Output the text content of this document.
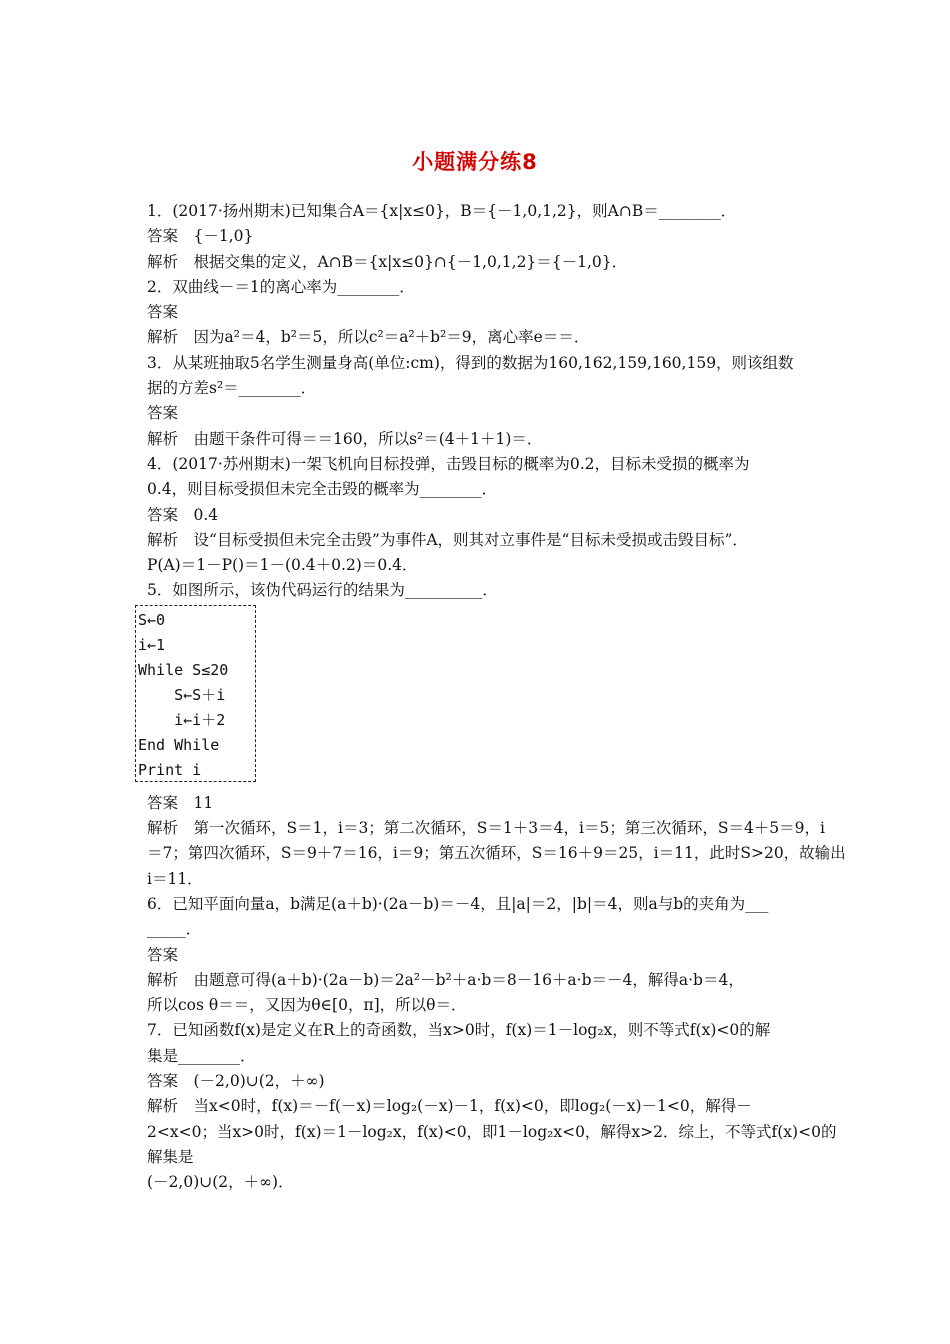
小题满分练8
1．(2017·扬州期末)已知集合A＝{x|x≤0}，B＝{－1,0,1,2}，则A∩B＝________．
答案　{－1,0}
解析　根据交集的定义，A∩B＝{x|x≤0}∩{－1,0,1,2}＝{－1,0}．
2．双曲线－＝1的离心率为________．
答案
解析　因为a²＝4，b²＝5，所以c²＝a²＋b²＝9，离心率e＝＝．
3．从某班抽取5名学生测量身高(单位:cm)，得到的数据为160,162,159,160,159，则该组数
据的方差s²＝________．
答案
解析　由题干条件可得＝＝160，所以s²＝(4＋1＋1)＝．
4．(2017·苏州期末)一架飞机向目标投弹，击毁目标的概率为0.2，目标未受损的概率为
0.4，则目标受损但未完全击毁的概率为________．
答案　0.4
解析　设“目标受损但未完全击毁”为事件A，则其对立事件是“目标未受损或击毁目标”．
P(A)＝1－P()＝1－(0.4＋0.2)＝0.4．
5．如图所示，该伪代码运行的结果为__________．
S←0
i←1
While S≤20
S←S＋i
i←i＋2
End While
Print i
答案　11
解析　第一次循环，S＝1，i＝3；第二次循环，S＝1＋3＝4，i＝5；第三次循环，S＝4＋5＝9，i
＝7；第四次循环，S＝9＋7＝16，i＝9；第五次循环，S＝16＋9＝25，i＝11，此时S>20，故输出
i＝11．
6．已知平面向量a，b满足(a＋b)·(2a－b)＝－4，且|a|＝2，|b|＝4，则a与b的夹角为___
_____．
答案
解析　由题意可得(a＋b)·(2a－b)＝2a²－b²＋a·b＝8－16＋a·b＝－4，解得a·b＝4，
所以cos θ＝＝，又因为θ∈[0，π]，所以θ＝．
7．已知函数f(x)是定义在R上的奇函数，当x>0时，f(x)＝1－log₂x，则不等式f(x)<0的解
集是________．
答案　(－2,0)∪(2，＋∞)
解析　当x<0时，f(x)＝－f(－x)＝log₂(－x)－1，f(x)<0，即log₂(－x)－1<0，解得－
2<x<0；当x>0时，f(x)＝1－log₂x，f(x)<0，即1－log₂x<0，解得x>2．综上，不等式f(x)<0的
解集是
(－2,0)∪(2，＋∞)．
